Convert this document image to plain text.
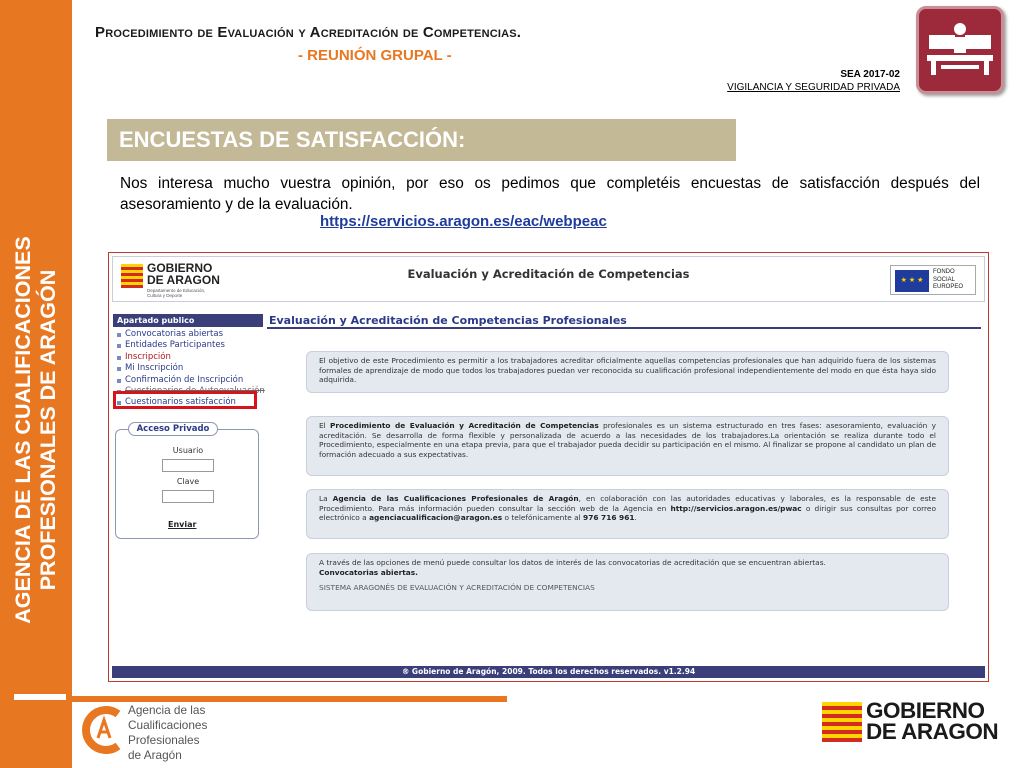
AGENCIA DE LAS CUALIFICACIONES PROFESIONALES DE ARAGÓN
Procedimiento de Evaluación y Acreditación de Competencias.
- REUNIÓN GRUPAL -
SEA 2017-02
VIGILANCIA Y SEGURIDAD PRIVADA
ENCUESTAS DE SATISFACCIÓN:
Nos interesa mucho vuestra opinión, por eso os pedimos que completéis encuestas de satisfacción después del asesoramiento y de la evaluación.
https://servicios.aragon.es/eac/webpeac
GOBIERNO
DE ARAGON
Departamento de Educación, Cultura y Deporte
Evaluación y Acreditación de Competencias	★ ★ ★
FONDO
SOCIAL
EUROPEO
Apartado publico
Convocatorias abiertas
Entidades Participantes
Inscripción
Mi Inscripción
Confirmación de Inscripción
Cuestionarios de Autoevaluación
Cuestionarios satisfacción
Acceso Privado
Usuario
Clave
Enviar
Evaluación y Acreditación de Competencias Profesionales
El objetivo de este Procedimiento es permitir a los trabajadores acreditar oficialmente aquellas competencias profesionales que han adquirido fuera de los sistemas formales de aprendizaje de modo que todos los trabajadores puedan ver reconocida su cualificación profesional independientemente del modo en que ésta haya sido adquirida.
El Procedimiento de Evaluación y Acreditación de Competencias profesionales es un sistema estructurado en tres fases: asesoramiento, evaluación y acreditación. Se desarrolla de forma flexible y personalizada de acuerdo a las necesidades de los trabajadores.La orientación se realiza durante todo el Procedimiento, especialmente en una etapa previa, para que el trabajador pueda decidir su participación en el mismo. Al finalizar se propone al candidato un plan de formación adecuado a sus expectativas.
La Agencia de las Cualificaciones Profesionales de Aragón, en colaboración con las autoridades educativas y laborales, es la responsable de este Procedimiento. Para más información pueden consultar la sección web de la Agencia en http://servicios.aragon.es/pwac o dirigir sus consultas por correo electrónico a agenciacualificacion@aragon.es o telefónicamente al 976 716 961.
A través de las opciones de menú puede consultar los datos de interés de las convocatorias de acreditación que se encuentran abiertas.
Convocatorias abiertas.
SISTEMA ARAGONÉS DE EVALUACIÓN Y ACREDITACIÓN DE COMPETENCIAS
® Gobierno de Aragón, 2009. Todos los derechos reservados. v1.2.94
Agencia de las
Cualificaciones
Profesionales
de Aragón
GOBIERNO
DE ARAGON
